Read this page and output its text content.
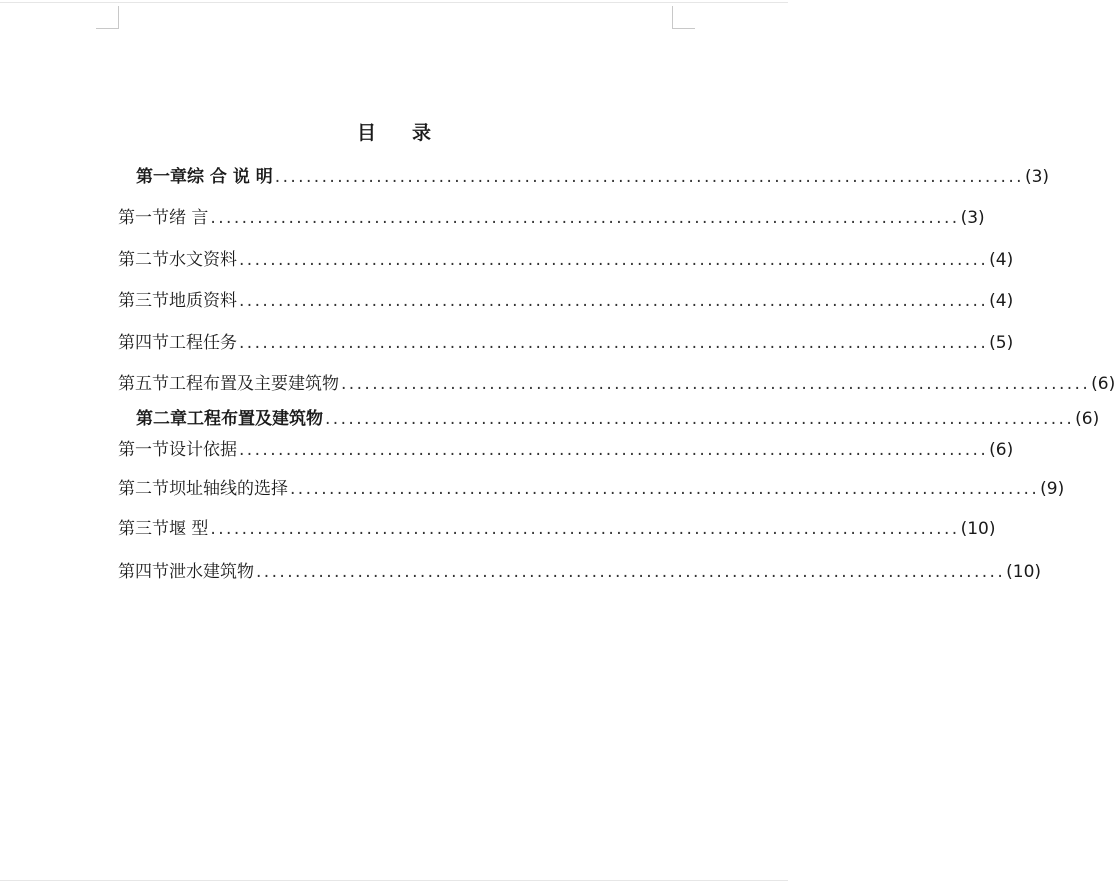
目 录
第一章 综 合 说 明 ................................................................................................ (3)
第一节 绪 言 ................................................................................................ (3)
第二节 水文资料 ................................................................................................ (4)
第三节 地质资料 ................................................................................................ (4)
第四节 工程任务 ................................................................................................ (5)
第五节 工程布置及主要建筑物 ................................................................................................ (6)
第二章 工程布置及建筑物 ................................................................................................ (6)
第一节 设计依据 ................................................................................................ (6)
第二节 坝址轴线的选择 ................................................................................................ (9)
第三节 堰 型 ................................................................................................ (10)
第四节 泄水建筑物 ................................................................................................ (10)
